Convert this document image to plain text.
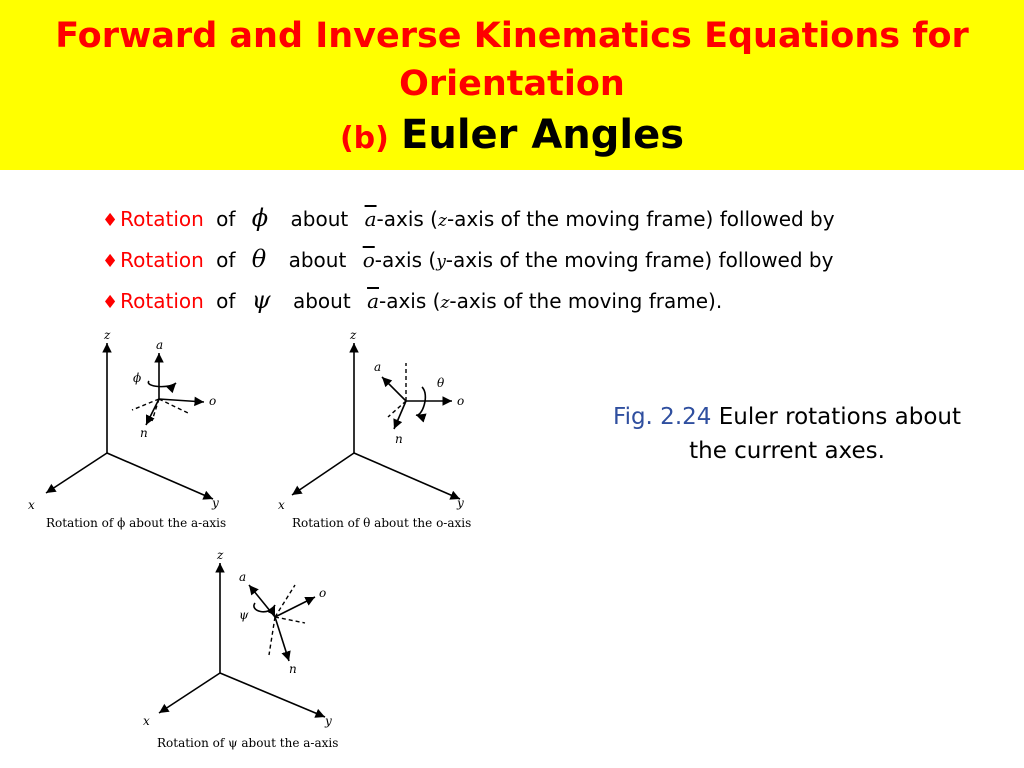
Forward and Inverse Kinematics Equations for
Orientation
(b) Euler Angles
♦ Rotation of ϕ about $\overline{a}$-axis (z-axis of the moving frame) followed by
♦ Rotation of θ about $\overline{o}$-axis (y-axis of the moving frame) followed by
♦ Rotation of ψ about $\overline{a}$-axis (z-axis of the moving frame).
z
x	y
a
o
n
ϕ
Rotation of ϕ about the a-axis
z
x	y
a
o
n
θ
Rotation of θ about the o-axis
z
x	y
a
o
n
ψ
Rotation of ψ about the a-axis
Fig. 2.24 Euler rotations about
the current axes.
